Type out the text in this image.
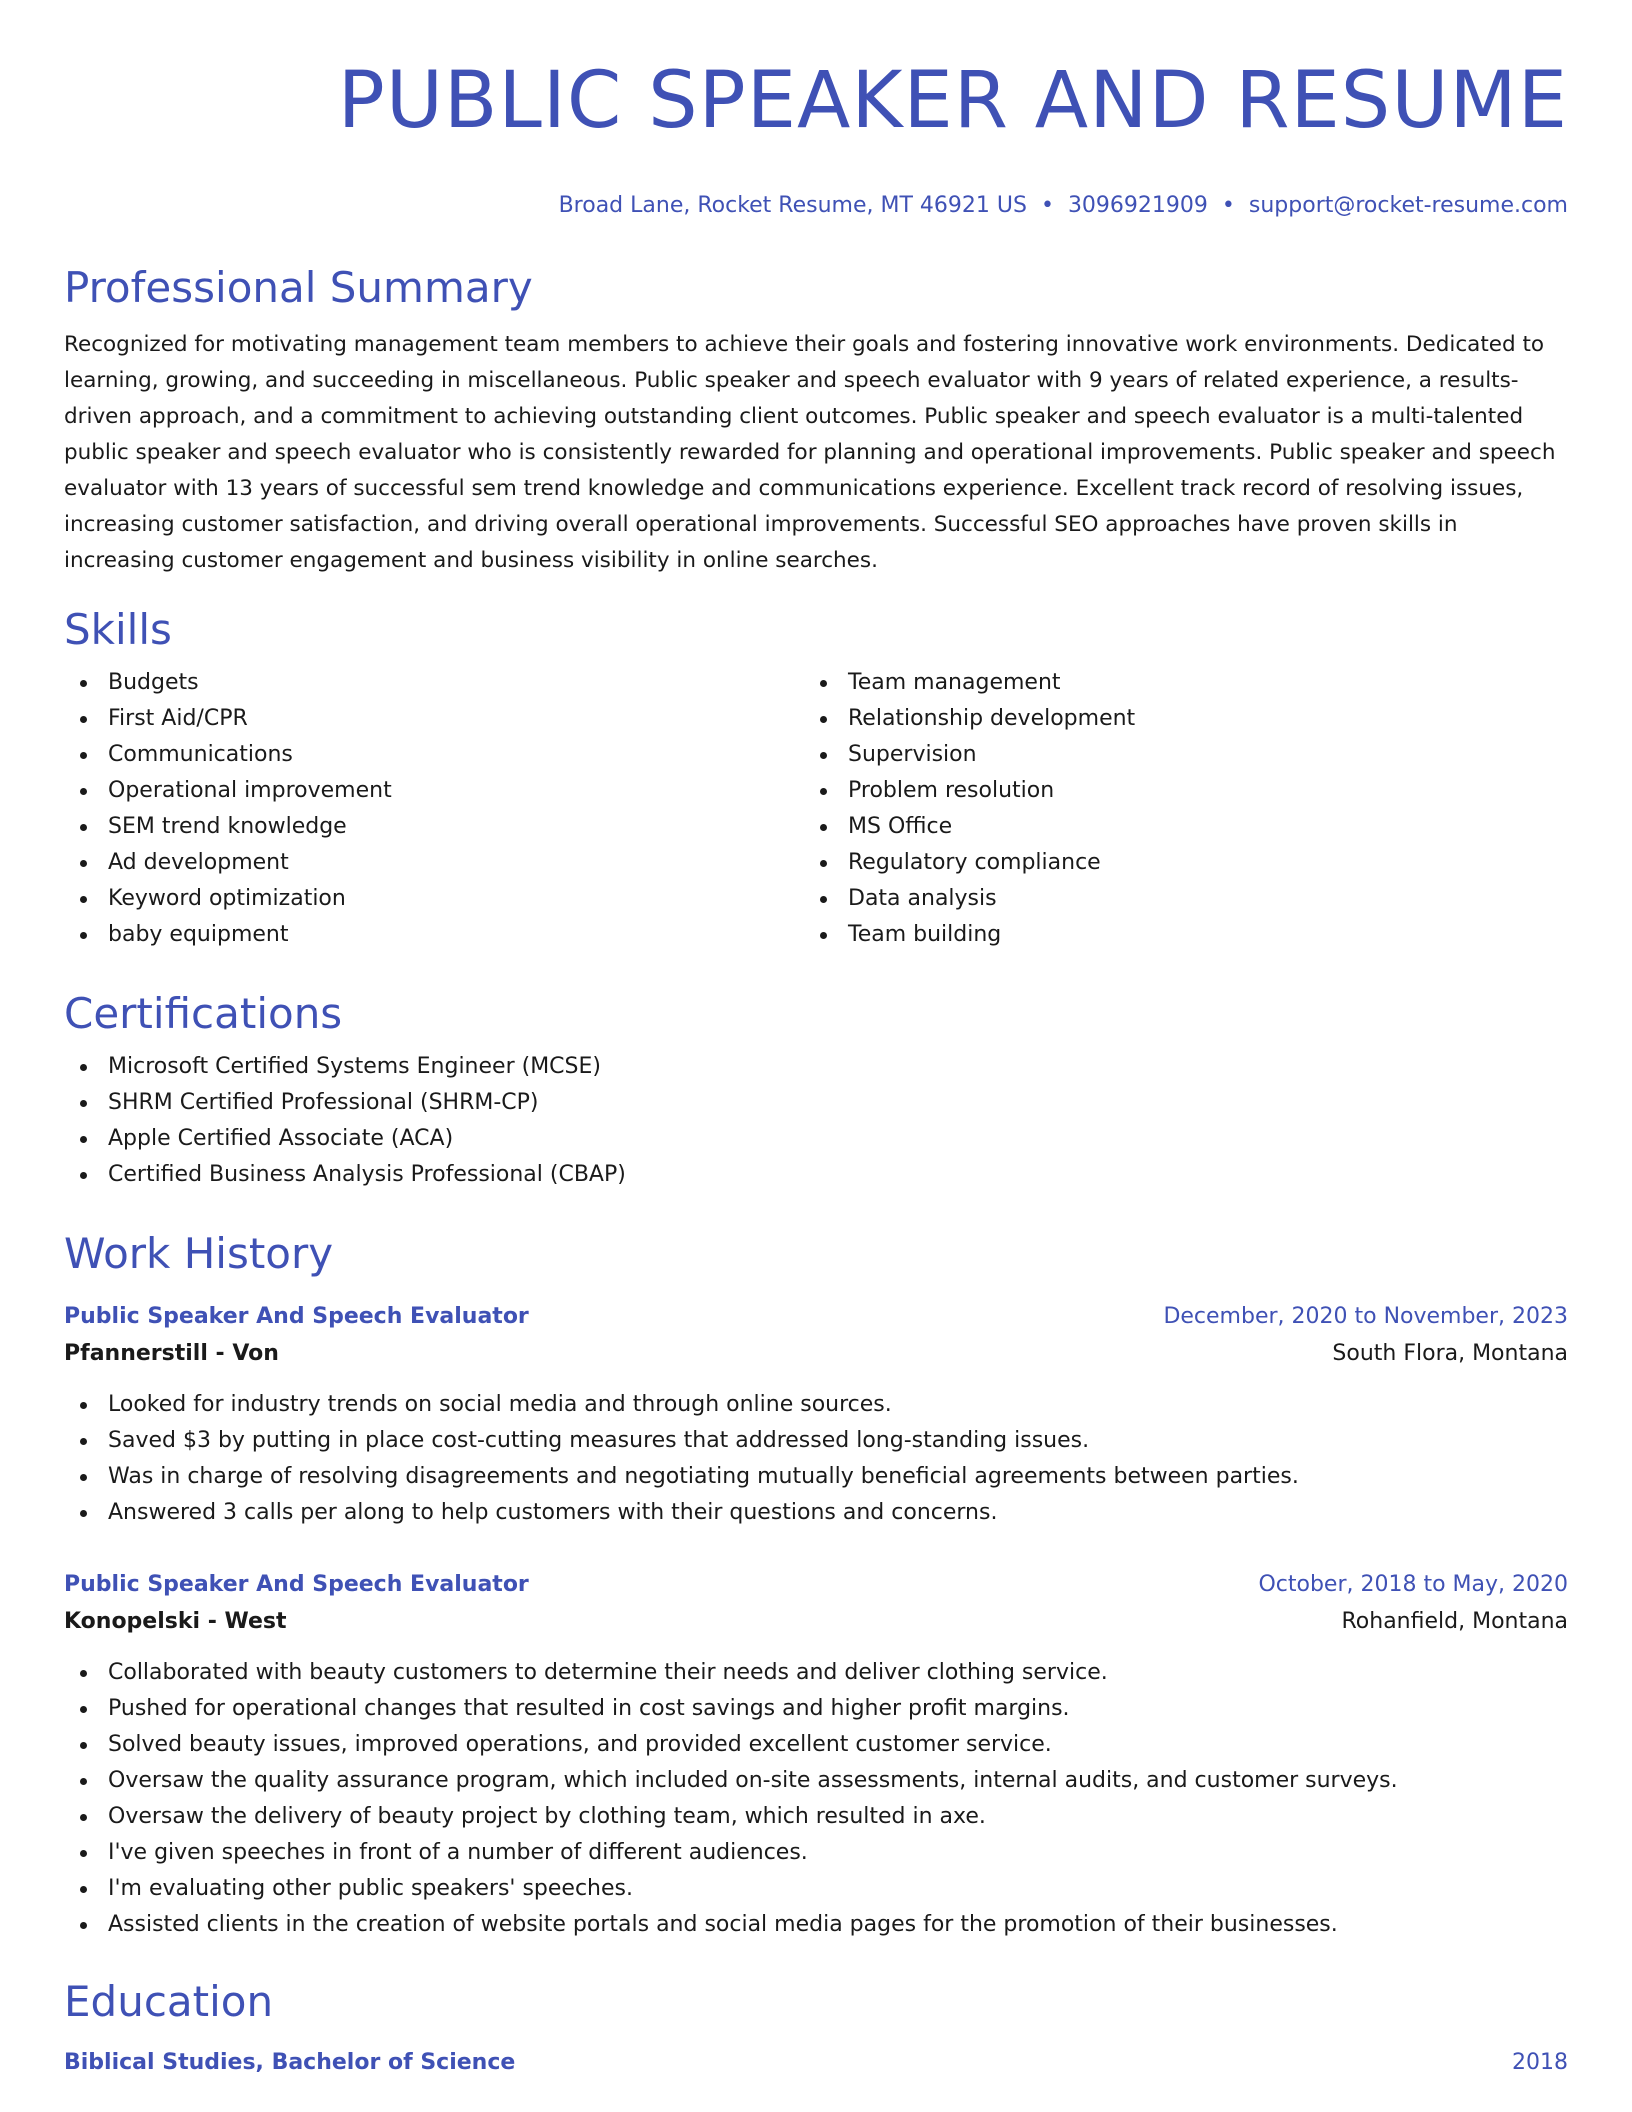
PUBLIC SPEAKER AND RESUME
Broad Lane, Rocket Resume, MT 46921 US • 3096921909 • support@rocket-resume.com
Professional Summary

Recognized for motivating management team members to achieve their goals and fostering innovative work environments. Dedicated to learning, growing, and succeeding in miscellaneous. Public speaker and speech evaluator with 9 years of related experience, a results-driven approach, and a commitment to achieving outstanding client outcomes. Public speaker and speech evaluator is a multi-talented public speaker and speech evaluator who is consistently rewarded for planning and operational improvements. Public speaker and speech evaluator with 13 years of successful sem trend knowledge and communications experience. Excellent track record of resolving issues, increasing customer satisfaction, and driving overall operational improvements. Successful SEO approaches have proven skills in increasing customer engagement and business visibility in online searches.

Skills
Budgets
First Aid/CPR
Communications
Operational improvement
SEM trend knowledge
Ad development
Keyword optimization
baby equipment
Team management
Relationship development
Supervision
Problem resolution
MS Office
Regulatory compliance
Data analysis
Team building
Certifications
Microsoft Certified Systems Engineer (MCSE)
SHRM Certified Professional (SHRM-CP)
Apple Certified Associate (ACA)
Certified Business Analysis Professional (CBAP)
Work History
Public Speaker And Speech Evaluator	December, 2020 to November, 2023
Pfannerstill - Von	South Flora, Montana
Looked for industry trends on social media and through online sources.
Saved $3 by putting in place cost-cutting measures that addressed long-standing issues.
Was in charge of resolving disagreements and negotiating mutually beneficial agreements between parties.
Answered 3 calls per along to help customers with their questions and concerns.
Public Speaker And Speech Evaluator	October, 2018 to May, 2020
Konopelski - West	Rohanfield, Montana
Collaborated with beauty customers to determine their needs and deliver clothing service.
Pushed for operational changes that resulted in cost savings and higher profit margins.
Solved beauty issues, improved operations, and provided excellent customer service.
Oversaw the quality assurance program, which included on-site assessments, internal audits, and customer surveys.
Oversaw the delivery of beauty project by clothing team, which resulted in axe.
I've given speeches in front of a number of different audiences.
I'm evaluating other public speakers' speeches.
Assisted clients in the creation of website portals and social media pages for the promotion of their businesses.
Education
Biblical Studies, Bachelor of Science	2018
